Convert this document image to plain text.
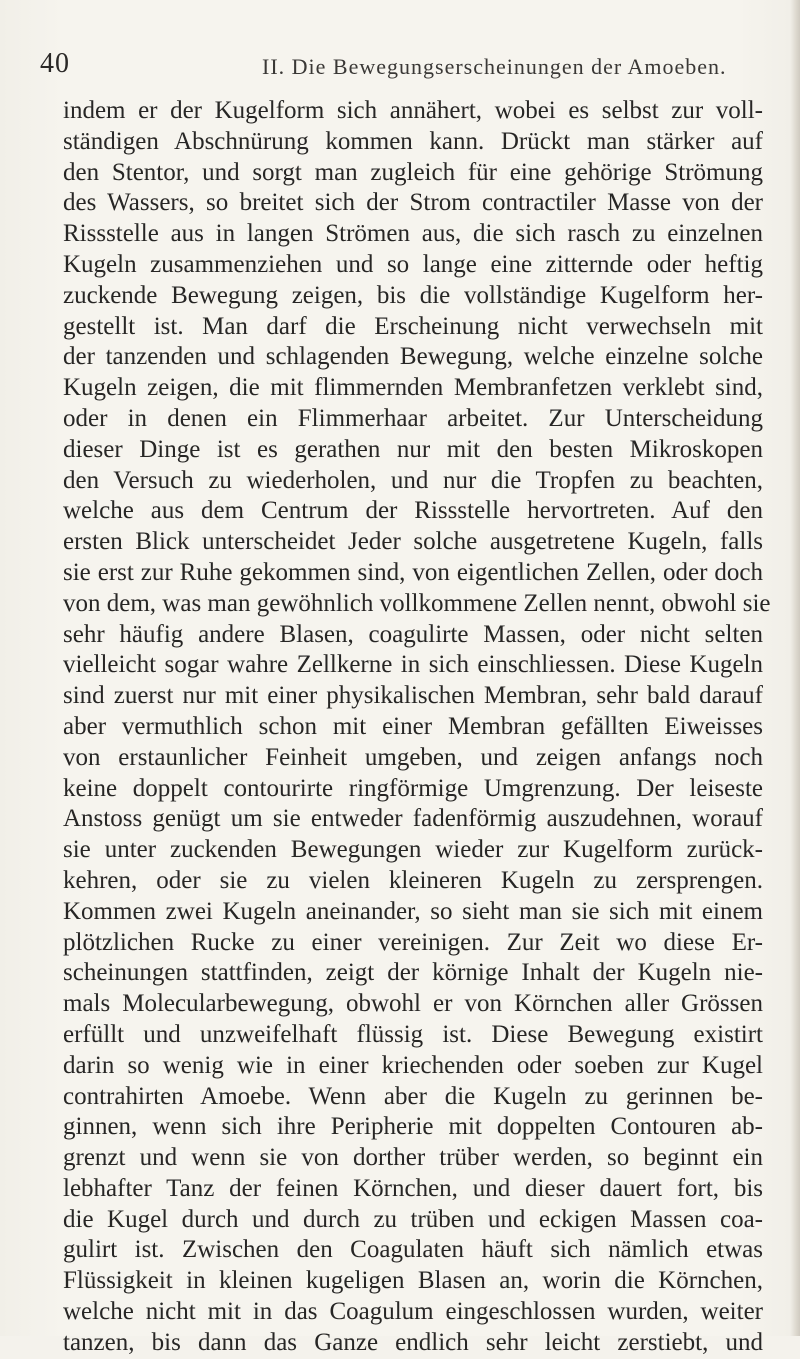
40	II. Die Bewegungserscheinungen der Amoeben.
indem er der Kugelform sich annähert, wobei es selbst zur voll-
ständigen Abschnürung kommen kann. Drückt man stärker auf
den Stentor, und sorgt man zugleich für eine gehörige Strömung
des Wassers, so breitet sich der Strom contractiler Masse von der
Rissstelle aus in langen Strömen aus, die sich rasch zu einzelnen
Kugeln zusammenziehen und so lange eine zitternde oder heftig
zuckende Bewegung zeigen, bis die vollständige Kugelform her-
gestellt ist. Man darf die Erscheinung nicht verwechseln mit
der tanzenden und schlagenden Bewegung, welche einzelne solche
Kugeln zeigen, die mit flimmernden Membranfetzen verklebt sind,
oder in denen ein Flimmerhaar arbeitet. Zur Unterscheidung
dieser Dinge ist es gerathen nur mit den besten Mikroskopen
den Versuch zu wiederholen, und nur die Tropfen zu beachten,
welche aus dem Centrum der Rissstelle hervortreten. Auf den
ersten Blick unterscheidet Jeder solche ausgetretene Kugeln, falls
sie erst zur Ruhe gekommen sind, von eigentlichen Zellen, oder doch
von dem, was man gewöhnlich vollkommene Zellen nennt, obwohl sie
sehr häufig andere Blasen, coagulirte Massen, oder nicht selten
vielleicht sogar wahre Zellkerne in sich einschliessen. Diese Kugeln
sind zuerst nur mit einer physikalischen Membran, sehr bald darauf
aber vermuthlich schon mit einer Membran gefällten Eiweisses
von erstaunlicher Feinheit umgeben, und zeigen anfangs noch
keine doppelt contourirte ringförmige Umgrenzung. Der leiseste
Anstoss genügt um sie entweder fadenförmig auszudehnen, worauf
sie unter zuckenden Bewegungen wieder zur Kugelform zurück-
kehren, oder sie zu vielen kleineren Kugeln zu zersprengen.
Kommen zwei Kugeln aneinander, so sieht man sie sich mit einem
plötzlichen Rucke zu einer vereinigen. Zur Zeit wo diese Er-
scheinungen stattfinden, zeigt der körnige Inhalt der Kugeln nie-
mals Molecularbewegung, obwohl er von Körnchen aller Grössen
erfüllt und unzweifelhaft flüssig ist. Diese Bewegung existirt
darin so wenig wie in einer kriechenden oder soeben zur Kugel
contrahirten Amoebe. Wenn aber die Kugeln zu gerinnen be-
ginnen, wenn sich ihre Peripherie mit doppelten Contouren ab-
grenzt und wenn sie von dorther trüber werden, so beginnt ein
lebhafter Tanz der feinen Körnchen, und dieser dauert fort, bis
die Kugel durch und durch zu trüben und eckigen Massen coa-
gulirt ist. Zwischen den Coagulaten häuft sich nämlich etwas
Flüssigkeit in kleinen kugeligen Blasen an, worin die Körnchen,
welche nicht mit in das Coagulum eingeschlossen wurden, weiter
tanzen, bis dann das Ganze endlich sehr leicht zerstiebt, und
